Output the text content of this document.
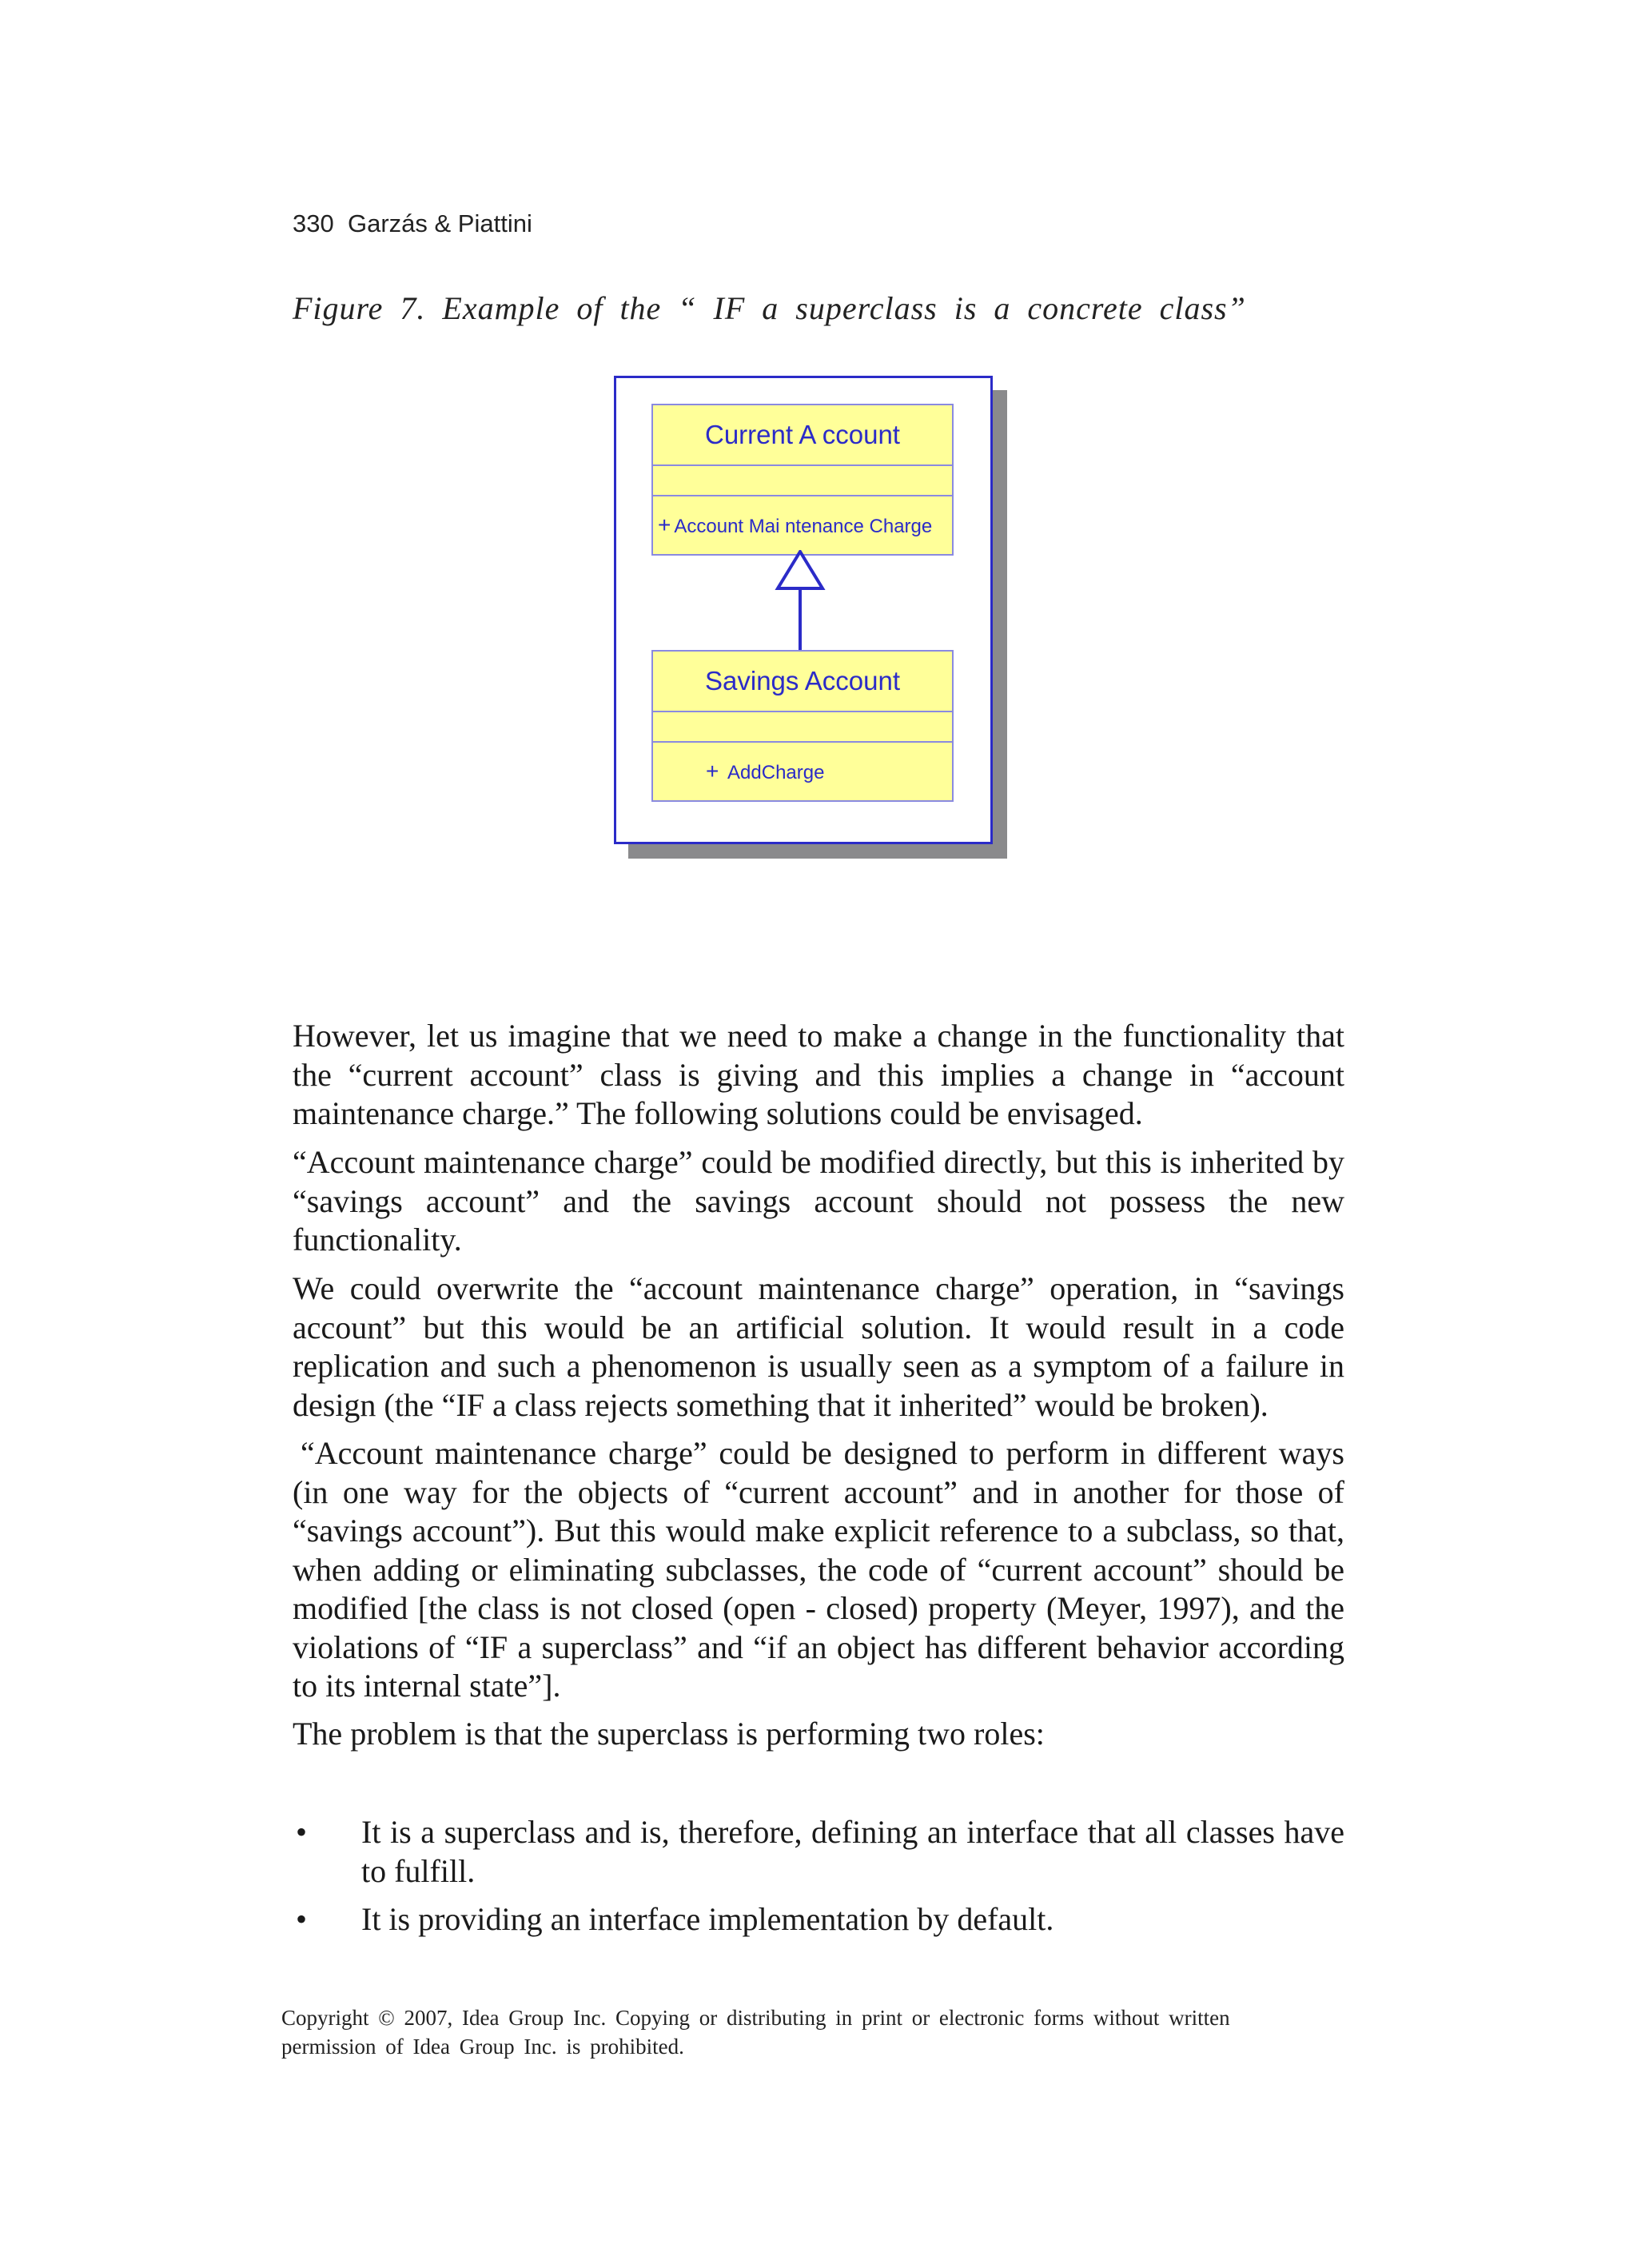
330 Garzás & Piattini
Figure 7. Example of the “ IF a superclass is a concrete class”
Current A ccount
+ Account Mai ntenance Charge
Savings Account
+ AddCharge

However, let us imagine that we need to make a change in the functionality that the “current account” class is giving and this implies a change in “account maintenance charge.” The following solutions could be envisaged.

“Account maintenance charge” could be modified directly, but this is inherited by “savings account” and the savings account should not possess the new functionality.

We could overwrite the “account maintenance charge” operation, in “savings account” but this would be an artificial solution. It would result in a code replication and such a phenomenon is usually seen as a symptom of a failure in design (the “IF a class rejects something that it inherited” would be broken).

“Account maintenance charge” could be designed to perform in different ways (in one way for the objects of “current account” and in another for those of “savings account”). But this would make explicit reference to a subclass, so that, when adding or eliminating subclasses, the code of “current account” should be modified [the class is not closed (open - closed) property (Meyer, 1997), and the violations of “IF a superclass” and “if an object has different behavior according to its internal state”].

The problem is that the superclass is performing two roles:

• It is a superclass and is, therefore, defining an interface that all classes have to fulfill.
• It is providing an interface implementation by default.
Copyright © 2007, Idea Group Inc. Copying or distributing in print or electronic forms without written
permission of Idea Group Inc. is prohibited.
